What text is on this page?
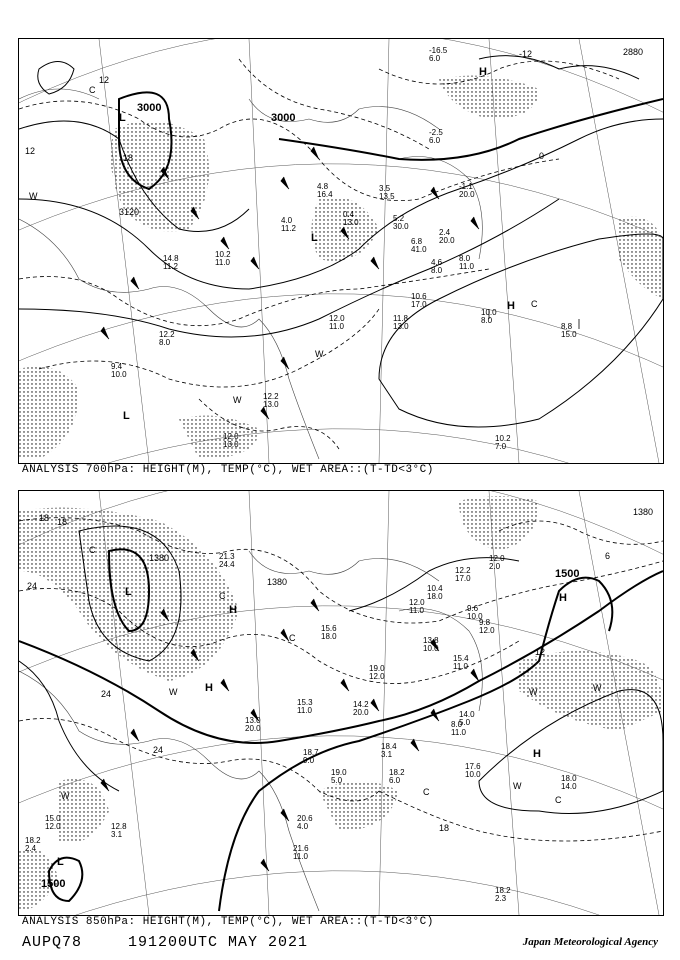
3000
3000
3120
2880
12
12
18	0
-12
L
L
L
H
H
W
W
W
C
C
10.0
8.0
8.8
15.0
10.2
7.0
10.6
17.0
11.8
13.0
12.2
8.0
12.0
11.0
8.0
11.0
4.6
8.0
6.8
41.0
3.5
13.5
5.2
30.0
0.4
13.0
2.4
20.0
-1.1
20.0
4.8
16.4
4.0
11.2
-2.5
6.0
-16.5
6.0
12.2
13.0
12.0
13.0
9.4
10.0
14.8
11.2
10.2
11.0
ANALYSIS 700hPa: HEIGHT(M), TEMP(°C), WET AREA::(T-TD<3°C)
1380
1380
1380
1500
1500
18
18
24
24
24
12
18
6
L
L
H
H
H
H
W
W
W	W
W
C
C
C
C
C
17.6
10.0	18.0
14.0
18.2
6.0
18.4
3.1
19.0
5.0
20.6
4.0
21.6
11.0
18.2
2.3
18.2
2.4
15.0
12.0
14.2
20.0	14.0
5.0
13.8
10.0
15.4
11.0
12.0
11.0
10.4
18.0
12.2
17.0
9.8
12.0
9.6
10.0
12.8
3.1
19.0
12.0
15.6
18.0
15.3
11.0
18.7
9.0
21.3
24.4
12.0
2.0
8.0
11.0
13.0
20.0
ANALYSIS 850hPa: HEIGHT(M), TEMP(°C), WET AREA::(T-TD<3°C)
AUPQ78	191200UTC MAY 2021	Japan Meteorological Agency
